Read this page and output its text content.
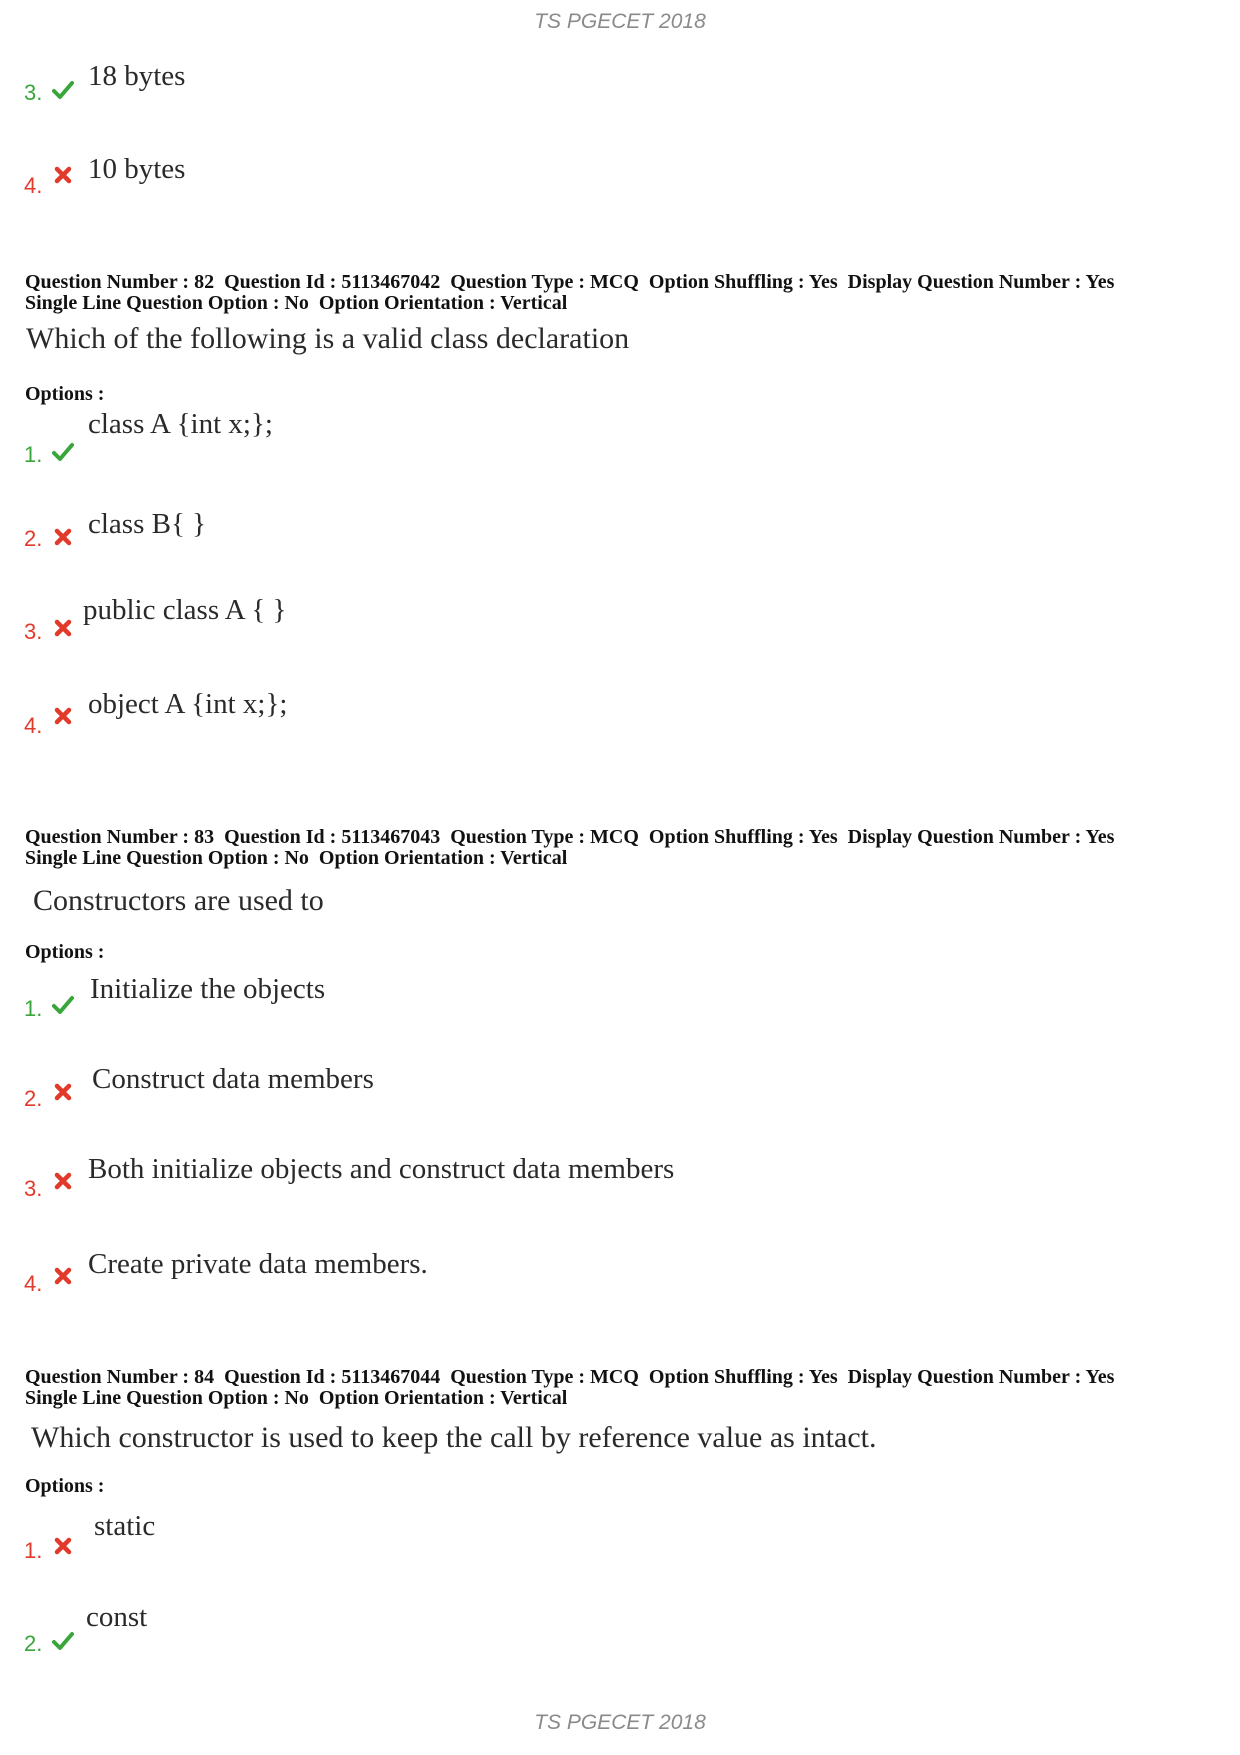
TS PGECET 2018
3.
18 bytes
4.
10 bytes
Question Number : 82  Question Id : 5113467042  Question Type : MCQ  Option Shuffling : Yes  Display Question Number : Yes
Single Line Question Option : No  Option Orientation : Vertical
Which of the following is a valid class declaration
Options :
1.
class A {int x;};
2. class B{ }
3.
public class A { }
4.
object A {int x;};
Question Number : 83  Question Id : 5113467043  Question Type : MCQ  Option Shuffling : Yes  Display Question Number : Yes
Single Line Question Option : No  Option Orientation : Vertical
Constructors are used to
Options :
1.
Initialize the objects
2.
Construct data members
3.
Both initialize objects and construct data members
4.
Create private data members.
Question Number : 84  Question Id : 5113467044  Question Type : MCQ  Option Shuffling : Yes  Display Question Number : Yes
Single Line Question Option : No  Option Orientation : Vertical
Which constructor is used to keep the call by reference value as intact.
Options :
1.
static
2.
const
TS PGECET 2018
